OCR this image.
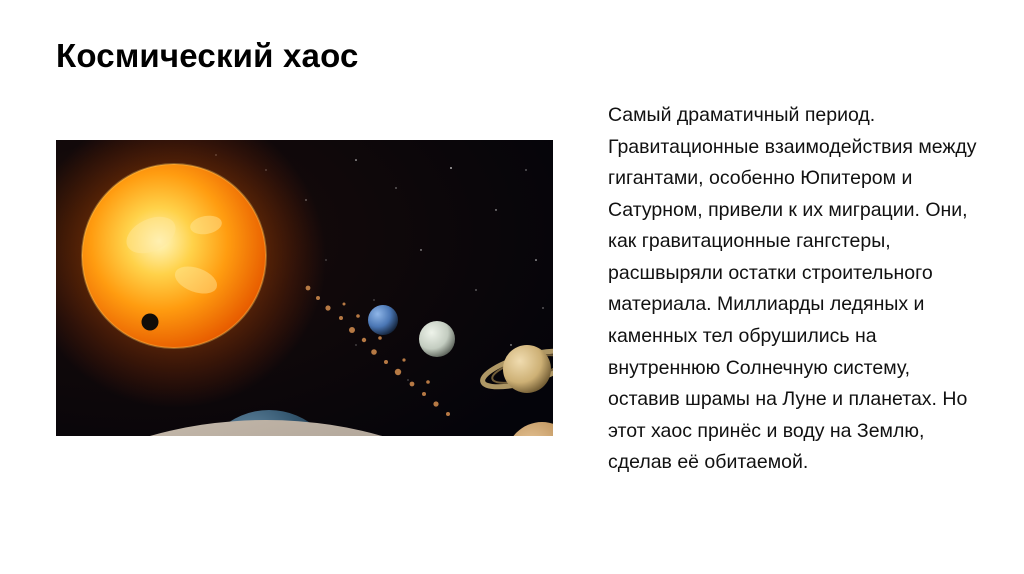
Космический хаос
Самый драматичный период. Гравитационные взаимодействия между гигантами, особенно Юпитером и Сатурном, привели к их миграции. Они, как гравитационные гангстеры, расшвыряли остатки строительного материала. Миллиарды ледяных и каменных тел обрушились на внутреннюю Солнечную систему, оставив шрамы на Луне и планетах. Но этот хаос принёс и воду на Землю, сделав её обитаемой.
